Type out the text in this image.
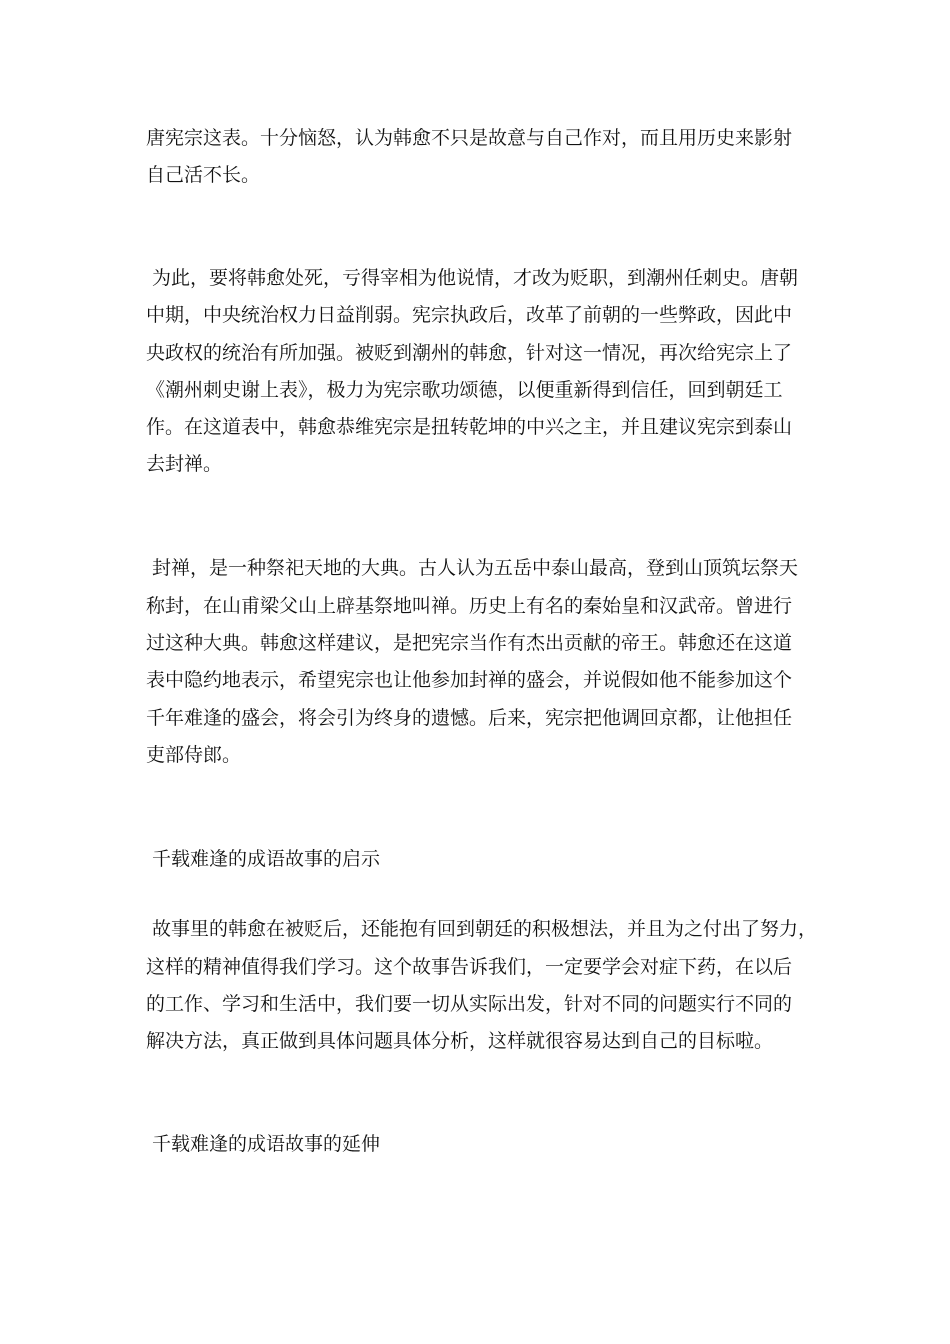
唐宪宗这表。十分恼怒，认为韩愈不只是故意与自己作对，而且用历史来影射
自己活不长。
为此，要将韩愈处死，亏得宰相为他说情，才改为贬职，到潮州任刺史。唐朝
中期，中央统治权力日益削弱。宪宗执政后，改革了前朝的一些弊政，因此中
央政权的统治有所加强。被贬到潮州的韩愈，针对这一情况，再次给宪宗上了
《潮州刺史谢上表》，极力为宪宗歌功颂德，以便重新得到信任，回到朝廷工
作。在这道表中，韩愈恭维宪宗是扭转乾坤的中兴之主，并且建议宪宗到泰山
去封禅。
封禅，是一种祭祀天地的大典。古人认为五岳中泰山最高，登到山顶筑坛祭天
称封，在山甫梁父山上辟基祭地叫禅。历史上有名的秦始皇和汉武帝。曾进行
过这种大典。韩愈这样建议，是把宪宗当作有杰出贡献的帝王。韩愈还在这道
表中隐约地表示，希望宪宗也让他参加封禅的盛会，并说假如他不能参加这个
千年难逢的盛会，将会引为终身的遗憾。后来，宪宗把他调回京都，让他担任
吏部侍郎。
千载难逢的成语故事的启示
故事里的韩愈在被贬后，还能抱有回到朝廷的积极想法，并且为之付出了努力，
这样的精神值得我们学习。这个故事告诉我们，一定要学会对症下药，在以后
的工作、学习和生活中，我们要一切从实际出发，针对不同的问题实行不同的
解决方法，真正做到具体问题具体分析，这样就很容易达到自己的目标啦。
千载难逢的成语故事的延伸
